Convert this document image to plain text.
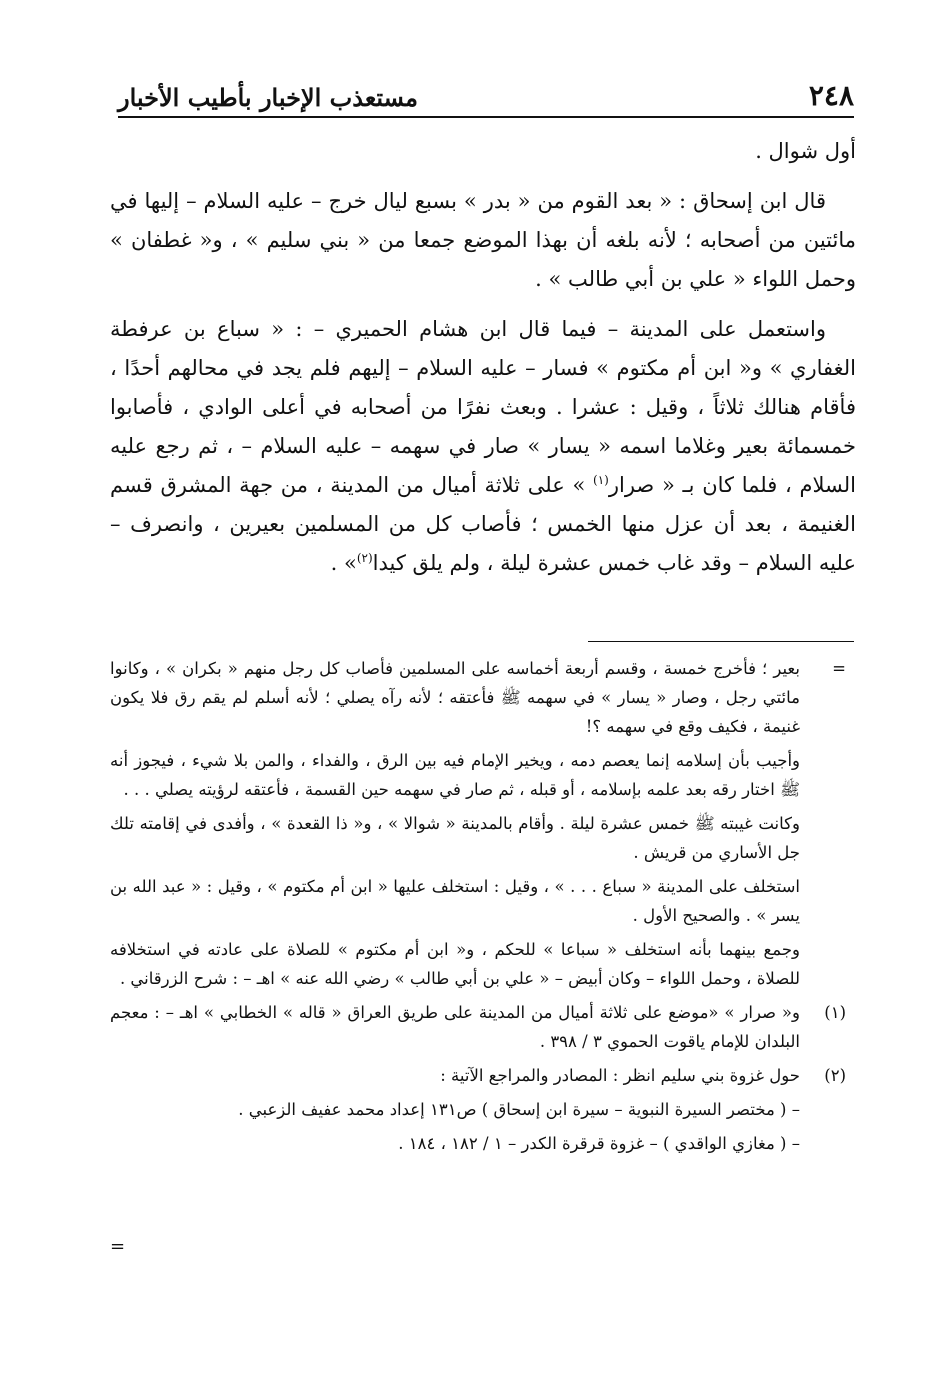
٢٤٨
مستعذب الإخبار بأطيب الأخبار

أول شوال .

قال ابن إسحاق : « بعد القوم من « بدر » بسبع ليال خرج – عليه السلام – إليها في مائتين من أصحابه ؛ لأنه بلغه أن بهذا الموضع جمعا من « بني سليم » ، و« غطفان » وحمل اللواء « علي بن أبي طالب » .

واستعمل على المدينة – فيما قال ابن هشام الحميري – : « سباع بن عرفطة الغفاري » و« ابن أم مكتوم » فسار – عليه السلام – إليهم فلم يجد في محالهم أحدًا ، فأقام هنالك ثلاثاً ، وقيل : عشرا . وبعث نفرًا من أصحابه في أعلى الوادي ، فأصابوا خمسمائة بعير وغلاما اسمه « يسار » صار في سهمه – عليه السلام – ، ثم رجع عليه السلام ، فلما كان بـ « صرار$^{(١)}$ » على ثلاثة أميال من المدينة ، من جهة المشرق قسم الغنيمة ، بعد أن عزل منها الخمس ؛ فأصاب كل من المسلمين بعيرين ، وانصرف – عليه السلام – وقد غاب خمس عشرة ليلة ، ولم يلق كيدا$^{(٢)}$» .

=

بعير ؛ فأخرج خمسة ، وقسم أربعة أخماسه على المسلمين فأصاب كل رجل منهم « بكران » ، وكانوا مائتي رجل ، وصار « يسار » في سهمه ﷺ فأعتقه ؛ لأنه رآه يصلي ؛ لأنه أسلم لم يقم رق فلا يكون غنيمة ، فكيف وقع في سهمه ؟!

وأجيب بأن إسلامه إنما يعصم دمه ، ويخير الإمام فيه بين الرق ، والفداء ، والمن بلا شيء ، فيجوز أنه ﷺ اختار رقه بعد علمه بإسلامه ، أو قبله ، ثم صار في سهمه حين القسمة ، فأعتقه لرؤيته يصلي . . .

وكانت غيبته ﷺ خمس عشرة ليلة . وأقام بالمدينة « شوالا » ، و« ذا القعدة » ، وأفدى في إقامته تلك جل الأساري من قريش .

استخلف على المدينة « سباع . . . » ، وقيل : استخلف عليها « ابن أم مكتوم » ، وقيل : « عبد الله بن يسر » . والصحيح الأول .

وجمع بينهما بأنه استخلف « سباعا » للحكم ، و« ابن أم مكتوم » للصلاة على عادته في استخلافه للصلاة ، وحمل اللواء – وكان أبيض – « علي بن أبي طالب » رضي الله عنه » اهـ – : شرح الزرقاني .

(١)

و« صرار » «موضع على ثلاثة أميال من المدينة على طريق العراق « قاله » الخطابي » اهـ – : معجم البلدان للإمام ياقوت الحموي ٣ / ٣٩٨ .

(٢)

حول غزوة بني سليم انظر : المصادر والمراجع الآتية :

– ( مختصر السيرة النبوية – سيرة ابن إسحاق ) ص١٣١ إعداد محمد عفيف الزعبي .

– ( مغازي الواقدي ) – غزوة قرقرة الكدر – ١ / ١٨٢ ، ١٨٤ .

=
